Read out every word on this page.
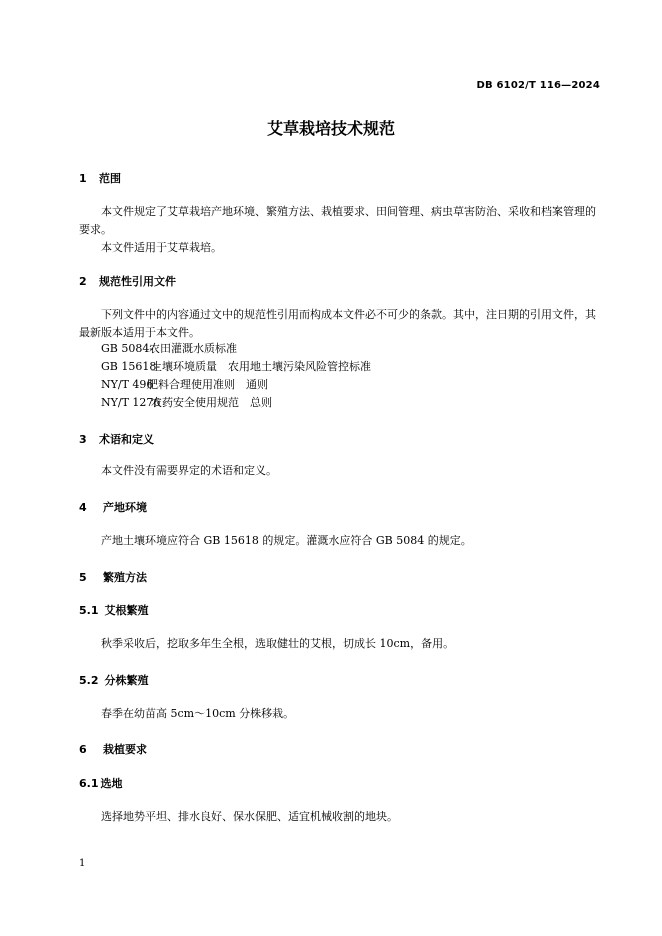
DB 6102/T 116—2024
艾草栽培技术规范
1 范围
本文件规定了艾草栽培产地环境、繁殖方法、栽植要求、田间管理、病虫草害防治、采收和档案管理的要求。
本文件适用于艾草栽培。
2 规范性引用文件
下列文件中的内容通过文中的规范性引用而构成本文件必不可少的条款。其中，注日期的引用文件，其最新版本适用于本文件。
GB 5084-农田灌溉水质标准
GB 15618-土壤环境质量　农用地土壤污染风险管控标准
NY/T 496肥料合理使用准则　通则
NY/T 1276农药安全使用规范　总则
3 术语和定义
本文件没有需要界定的术语和定义。
4 产地环境
产地土壤环境应符合 GB 15618 的规定。灌溉水应符合 GB 5084 的规定。
5 繁殖方法
5.1 艾根繁殖
秋季采收后，挖取多年生全根，选取健壮的艾根，切成长 10cm，备用。
5.2 分株繁殖
春季在幼苗高 5cm～10cm 分株移栽。
6 栽植要求
6.1 选地
选择地势平坦、排水良好、保水保肥、适宜机械收割的地块。
1
